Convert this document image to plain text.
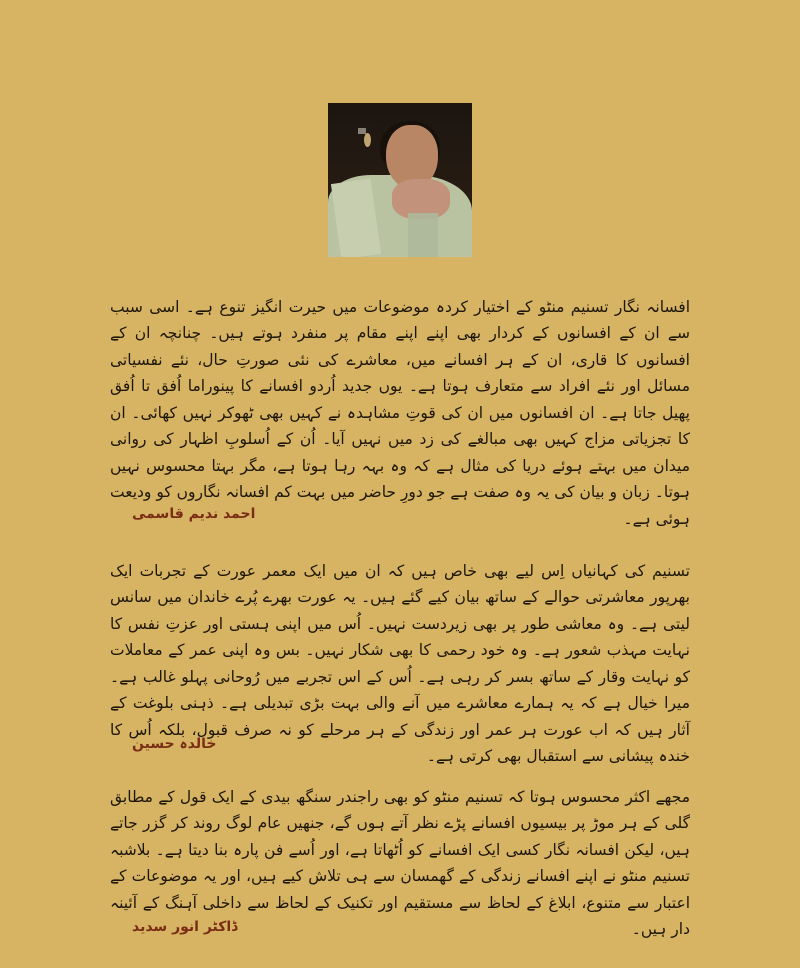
افسانہ نگار تسنیم منٹو کے اختیار کردہ موضوعات میں حیرت انگیز تنوع ہے۔ اسی سبب سے ان کے افسانوں کے کردار بھی اپنے اپنے مقام پر منفرد ہوتے ہیں۔ چنانچہ ان کے افسانوں کا قاری، ان کے ہر افسانے میں، معاشرے کی نئی صورتِ حال، نئے نفسیاتی مسائل اور نئے افراد سے متعارف ہوتا ہے۔ یوں جدید اُردو افسانے کا پینوراما اُفق تا اُفق پھیل جاتا ہے۔ ان افسانوں میں ان کی قوتِ مشاہدہ نے کہیں بھی ٹھوکر نہیں کھائی۔ ان کا تجزیاتی مزاج کہیں بھی مبالغے کی زد میں نہیں آیا۔ اُن کے اُسلوبِ اظہار کی روانی میدان میں بہتے ہوئے دریا کی مثال ہے کہ وہ بہہ رہا ہوتا ہے، مگر بہتا محسوس نہیں ہوتا۔ زبان و بیان کی یہ وہ صفت ہے جو دورِ حاضر میں بہت کم افسانہ نگاروں کو ودیعت ہوئی ہے۔

احمد ندیم قاسمی

تسنیم کی کہانیاں اِس لیے بھی خاص ہیں کہ ان میں ایک معمر عورت کے تجربات ایک بھرپور معاشرتی حوالے کے ساتھ بیان کیے گئے ہیں۔ یہ عورت بھرے پُرے خاندان میں سانس لیتی ہے۔ وہ معاشی طور پر بھی زیردست نہیں۔ اُس میں اپنی ہستی اور عزتِ نفس کا نہایت مہذب شعور ہے۔ وہ خود رحمی کا بھی شکار نہیں۔ بس وہ اپنی عمر کے معاملات کو نہایت وقار کے ساتھ بسر کر رہی ہے۔ اُس کے اس تجربے میں رُوحانی پہلو غالب ہے۔ میرا خیال ہے کہ یہ ہمارے معاشرے میں آنے والی بہت بڑی تبدیلی ہے۔ ذہنی بلوغت کے آثار ہیں کہ اب عورت ہر عمر اور زندگی کے ہر مرحلے کو نہ صرف قبول، بلکہ اُس کا خندہ پیشانی سے استقبال بھی کرتی ہے۔

خالدہ حسین

مجھے اکثر محسوس ہوتا کہ تسنیم منٹو کو بھی راجندر سنگھ بیدی کے ایک قول کے مطابق گلی کے ہر موڑ پر بیسیوں افسانے پڑے نظر آتے ہوں گے، جنھیں عام لوگ روند کر گزر جاتے ہیں، لیکن افسانہ نگار کسی ایک افسانے کو اُٹھاتا ہے، اور اُسے فن پارہ بنا دیتا ہے۔ بلاشبہ تسنیم منٹو نے اپنے افسانے زندگی کے گھمسان سے ہی تلاش کیے ہیں، اور یہ موضوعات کے اعتبار سے متنوع، ابلاغ کے لحاظ سے مستقیم اور تکنیک کے لحاظ سے داخلی آہنگ کے آئینہ دار ہیں۔

ڈاکٹر انور سدید
